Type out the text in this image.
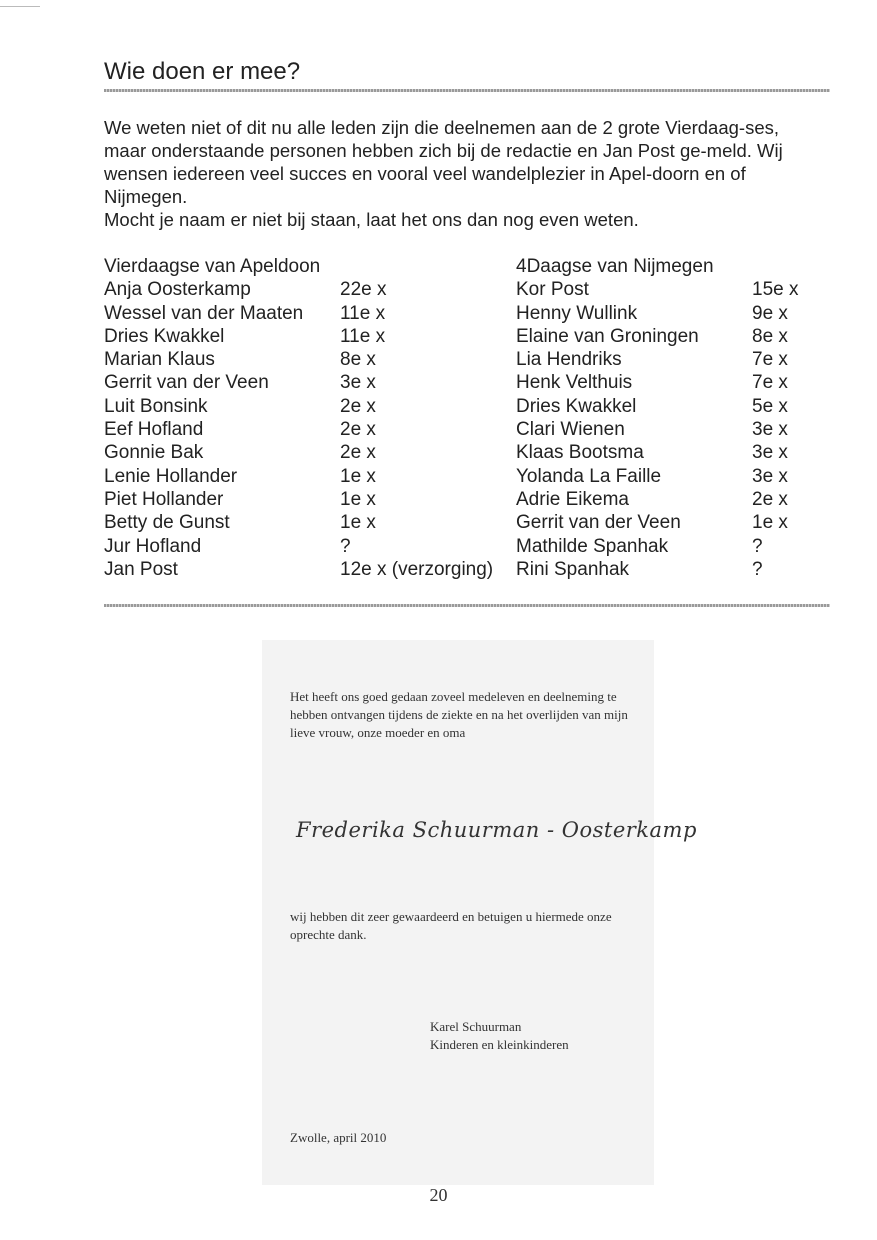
Wie doen er mee?

We weten niet of dit nu alle leden zijn die deelnemen aan de 2 grote Vierdaag-ses, maar onderstaande personen hebben zich bij de redactie en Jan Post ge-meld. Wij wensen iedereen veel succes en vooral veel wandelplezier in Apel-doorn en of Nijmegen.

Mocht je naam er niet bij staan, laat het ons dan nog even weten.

Vierdaagse van Apeldoon
Anja Oosterkamp	22e x
Wessel van der Maaten	11e x
Dries Kwakkel	11e x
Marian Klaus	8e x
Gerrit van der Veen	3e x
Luit Bonsink	2e x
Eef Hofland	2e x
Gonnie Bak	2e x
Lenie Hollander	1e x
Piet Hollander	1e x
Betty de Gunst	1e x
Jur Hofland	?
Jan Post	12e x (verzorging)
4Daagse van Nijmegen
Kor Post	15e x
Henny Wullink	9e x
Elaine van Groningen	8e x
Lia Hendriks	7e x
Henk Velthuis	7e x
Dries Kwakkel	5e x
Clari Wienen	3e x
Klaas Bootsma	3e x
Yolanda La Faille	3e x
Adrie Eikema	2e x
Gerrit van der Veen	1e x
Mathilde Spanhak	?
Rini Spanhak	?

Het heeft ons goed gedaan zoveel medeleven en deelneming te hebben ontvangen tijdens de ziekte en na het overlijden van mijn lieve vrouw, onze moeder en oma

Frederika Schuurman - Oosterkamp

wij hebben dit zeer gewaardeerd en betuigen u hiermede onze oprechte dank.

Karel Schuurman
Kinderen en kleinkinderen
Zwolle, april 2010
20
